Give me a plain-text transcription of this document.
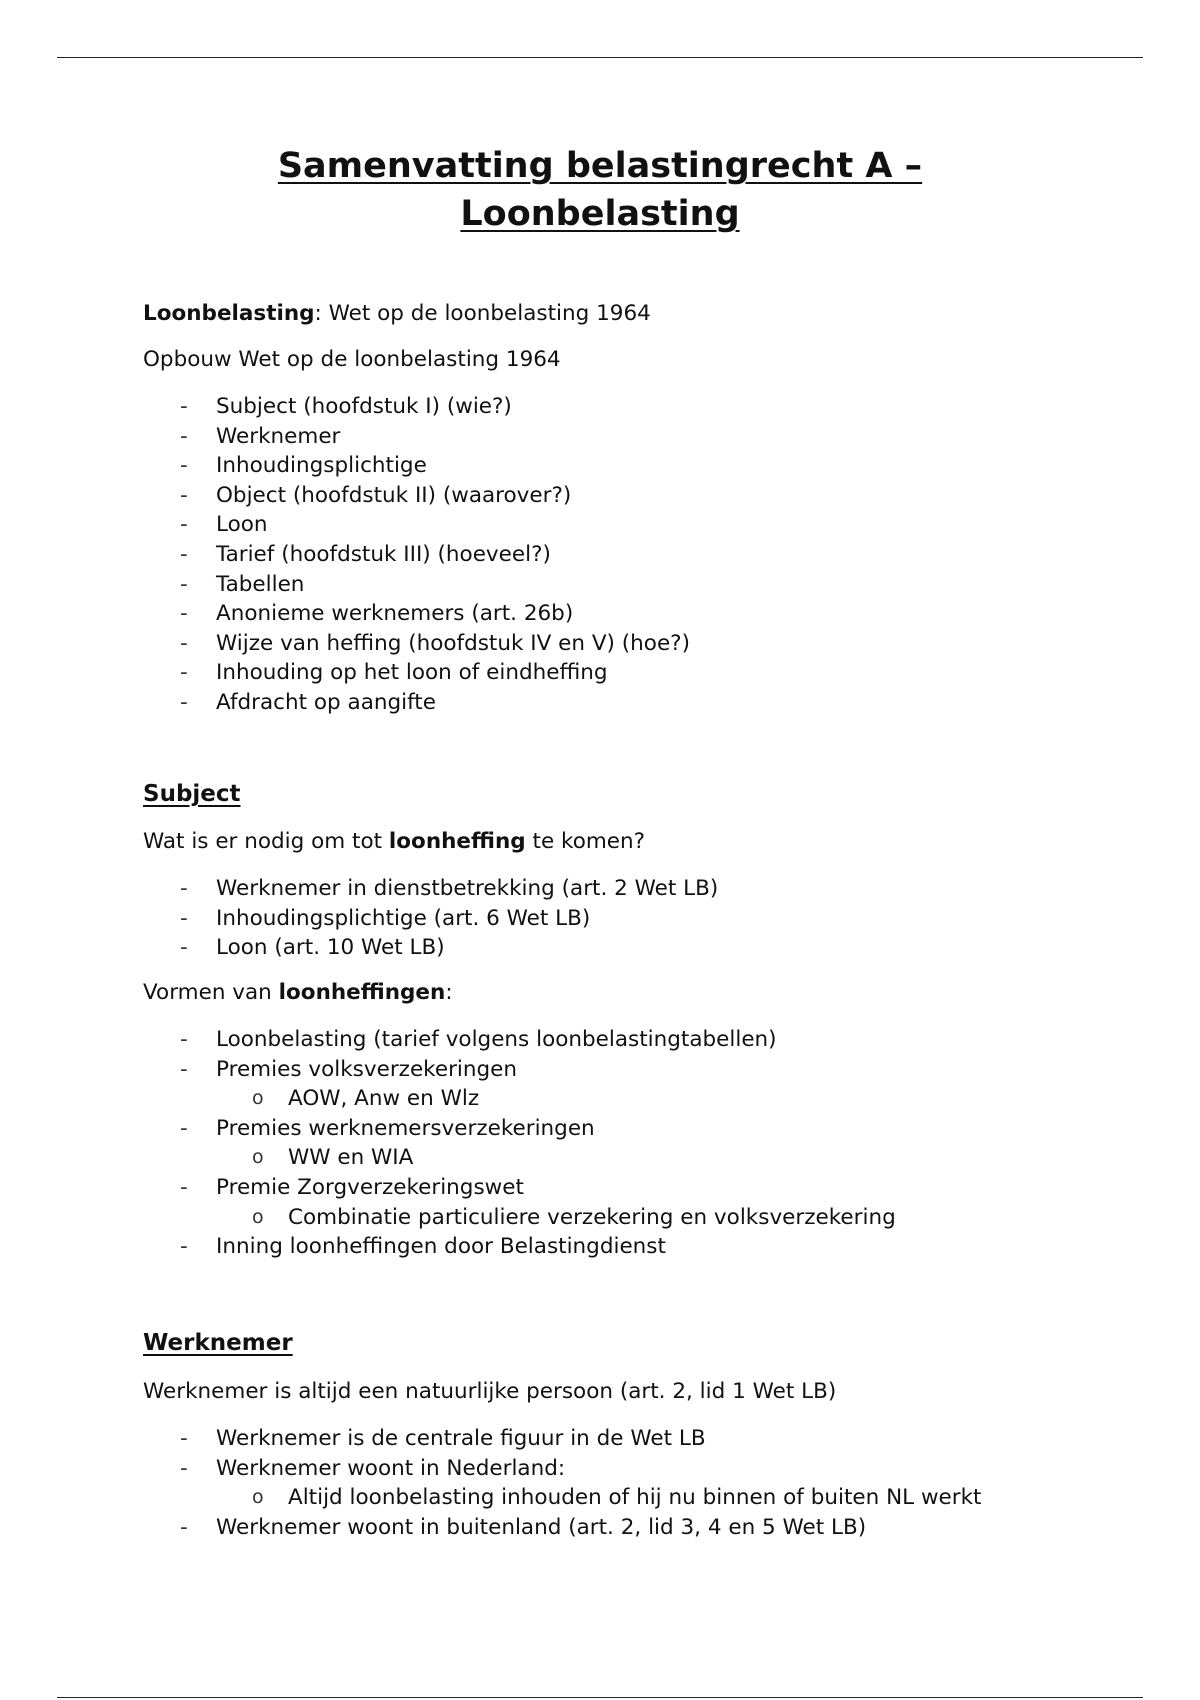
Samenvatting belastingrecht A –
Loonbelasting
Loonbelasting: Wet op de loonbelasting 1964
Opbouw Wet op de loonbelasting 1964
- Subject (hoofdstuk I) (wie?)
- Werknemer
- Inhoudingsplichtige
- Object (hoofdstuk II) (waarover?)
- Loon
- Tarief (hoofdstuk III) (hoeveel?)
- Tabellen
- Anonieme werknemers (art. 26b)
- Wijze van heffing (hoofdstuk IV en V) (hoe?)
- Inhouding op het loon of eindheffing
- Afdracht op aangifte
Subject
Wat is er nodig om tot loonheffing te komen?
- Werknemer in dienstbetrekking (art. 2 Wet LB)
- Inhoudingsplichtige (art. 6 Wet LB)
- Loon (art. 10 Wet LB)
Vormen van loonheffingen:
- Loonbelasting (tarief volgens loonbelastingtabellen)
- Premies volksverzekeringen
o AOW, Anw en Wlz
- Premies werknemersverzekeringen
o WW en WIA
- Premie Zorgverzekeringswet
o Combinatie particuliere verzekering en volksverzekering
- Inning loonheffingen door Belastingdienst
Werknemer
Werknemer is altijd een natuurlijke persoon (art. 2, lid 1 Wet LB)
- Werknemer is de centrale figuur in de Wet LB
- Werknemer woont in Nederland:
o Altijd loonbelasting inhouden of hij nu binnen of buiten NL werkt
- Werknemer woont in buitenland (art. 2, lid 3, 4 en 5 Wet LB)
